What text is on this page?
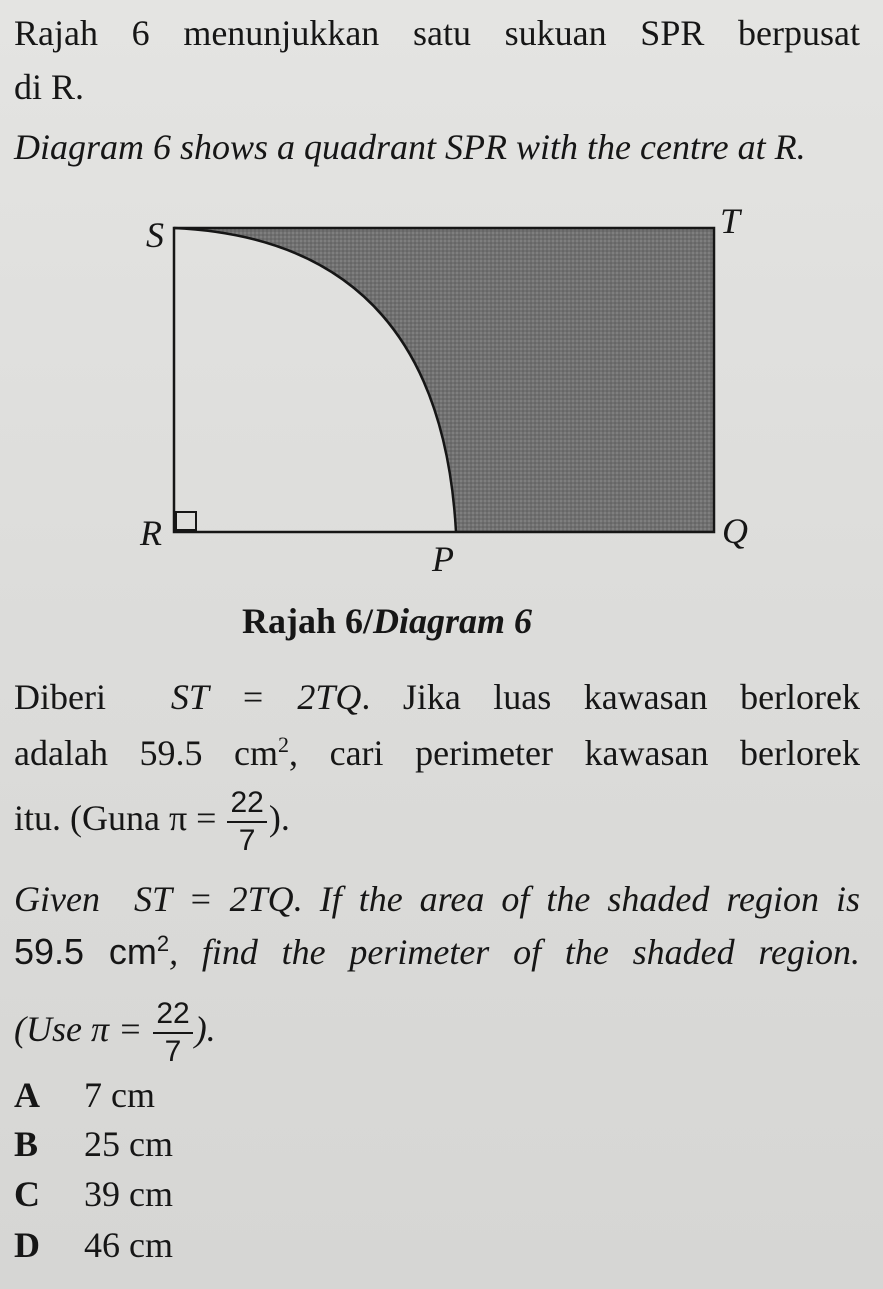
Rajah 6 menunjukkan satu sukuan SPR berpusat
di R.
Diagram 6 shows a quadrant SPR with the centre at R.
S	T
R	Q
P
Rajah 6/Diagram 6
Diberi ST = 2TQ. Jika luas kawasan berlorek
adalah 59.5 $cm^2$, cari perimeter kawasan berlorek
itu. (Guna $\pi = \frac{22}{7}$ ).
Given ST = 2TQ. If the area of the shaded region is
59.5 $cm^2$, find the perimeter of the shaded region.
(Use $\pi = \frac{22}{7}$ ).
A 7 cm
B 25 cm
C 39 cm
D 46 cm
